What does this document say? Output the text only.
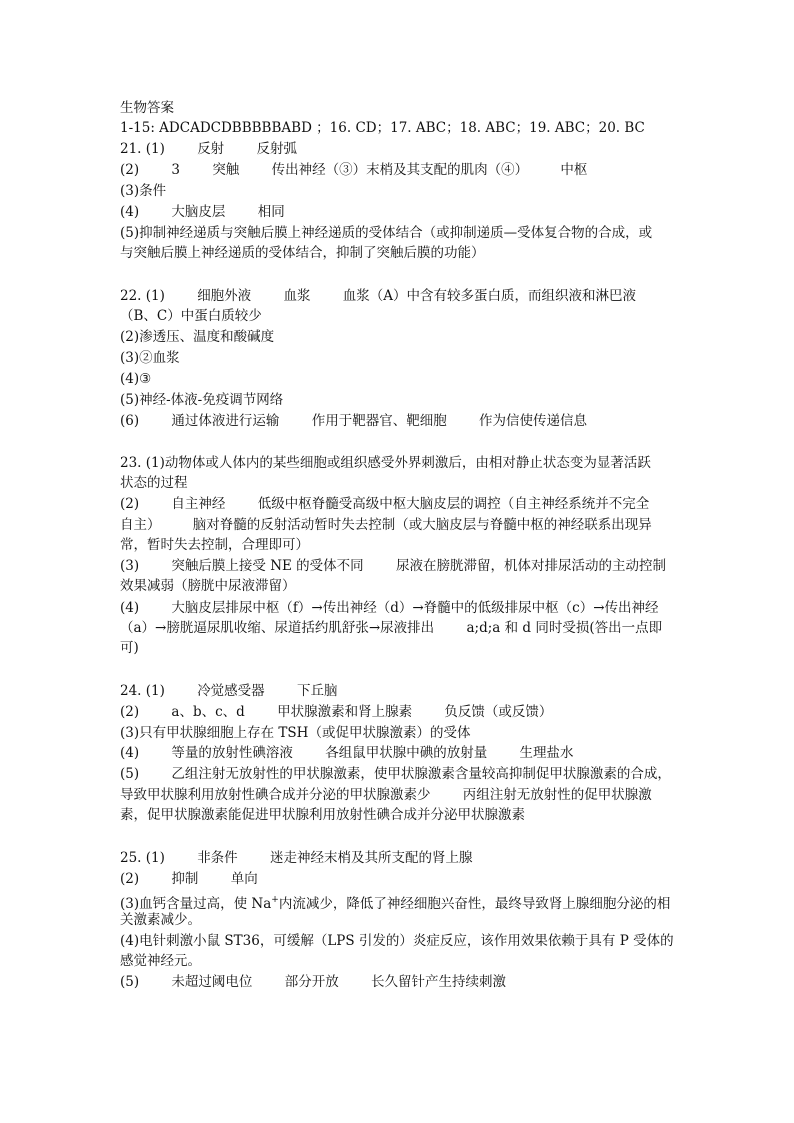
生物答案
1-15: ADCADCDBBBBBABD ；16. CD；17. ABC；18. ABC；19. ABC；20. BC
21. (1) 反射 反射弧
(2) 3 突触 传出神经（③）末梢及其支配的肌肉（④） 中枢
(3)条件
(4) 大脑皮层 相同
(5)抑制神经递质与突触后膜上神经递质的受体结合（或抑制递质—受体复合物的合成，或
与突触后膜上神经递质的受体结合，抑制了突触后膜的功能）
22. (1) 细胞外液 血浆 血浆（A）中含有较多蛋白质，而组织液和淋巴液
（B、C）中蛋白质较少
(2)渗透压、温度和酸碱度
(3)②血浆
(4)③
(5)神经-体液-免疫调节网络
(6) 通过体液进行运输 作用于靶器官、靶细胞 作为信使传递信息
23. (1)动物体或人体内的某些细胞或组织感受外界刺激后，由相对静止状态变为显著活跃
状态的过程
(2) 自主神经 低级中枢脊髓受高级中枢大脑皮层的调控（自主神经系统并不完全
自主） 脑对脊髓的反射活动暂时失去控制（或大脑皮层与脊髓中枢的神经联系出现异
常，暂时失去控制，合理即可）
(3) 突触后膜上接受 NE 的受体不同 尿液在膀胱滞留，机体对排尿活动的主动控制
效果减弱（膀胱中尿液滞留）
(4) 大脑皮层排尿中枢（f）→传出神经（d）→脊髓中的低级排尿中枢（c）→传出神经
（a）→膀胱逼尿肌收缩、尿道括约肌舒张→尿液排出 a;d;a 和 d 同时受损(答出一点即
可)
24. (1) 冷觉感受器 下丘脑
(2) a、b、c、d 甲状腺激素和肾上腺素 负反馈（或反馈）
(3)只有甲状腺细胞上存在 TSH（或促甲状腺激素）的受体
(4) 等量的放射性碘溶液 各组鼠甲状腺中碘的放射量 生理盐水
(5) 乙组注射无放射性的甲状腺激素，使甲状腺激素含量较高抑制促甲状腺激素的合成，
导致甲状腺利用放射性碘合成并分泌的甲状腺激素少 丙组注射无放射性的促甲状腺激
素，促甲状腺激素能促进甲状腺利用放射性碘合成并分泌甲状腺激素
25. (1) 非条件 迷走神经末梢及其所支配的肾上腺
(2) 抑制 单向
(3)血钙含量过高，使 Na+内流减少，降低了神经细胞兴奋性，最终导致肾上腺细胞分泌的相
关激素减少。
(4)电针刺激小鼠 ST36，可缓解（LPS 引发的）炎症反应，该作用效果依赖于具有 P 受体的
感觉神经元。
(5) 未超过阈电位 部分开放 长久留针产生持续刺激
